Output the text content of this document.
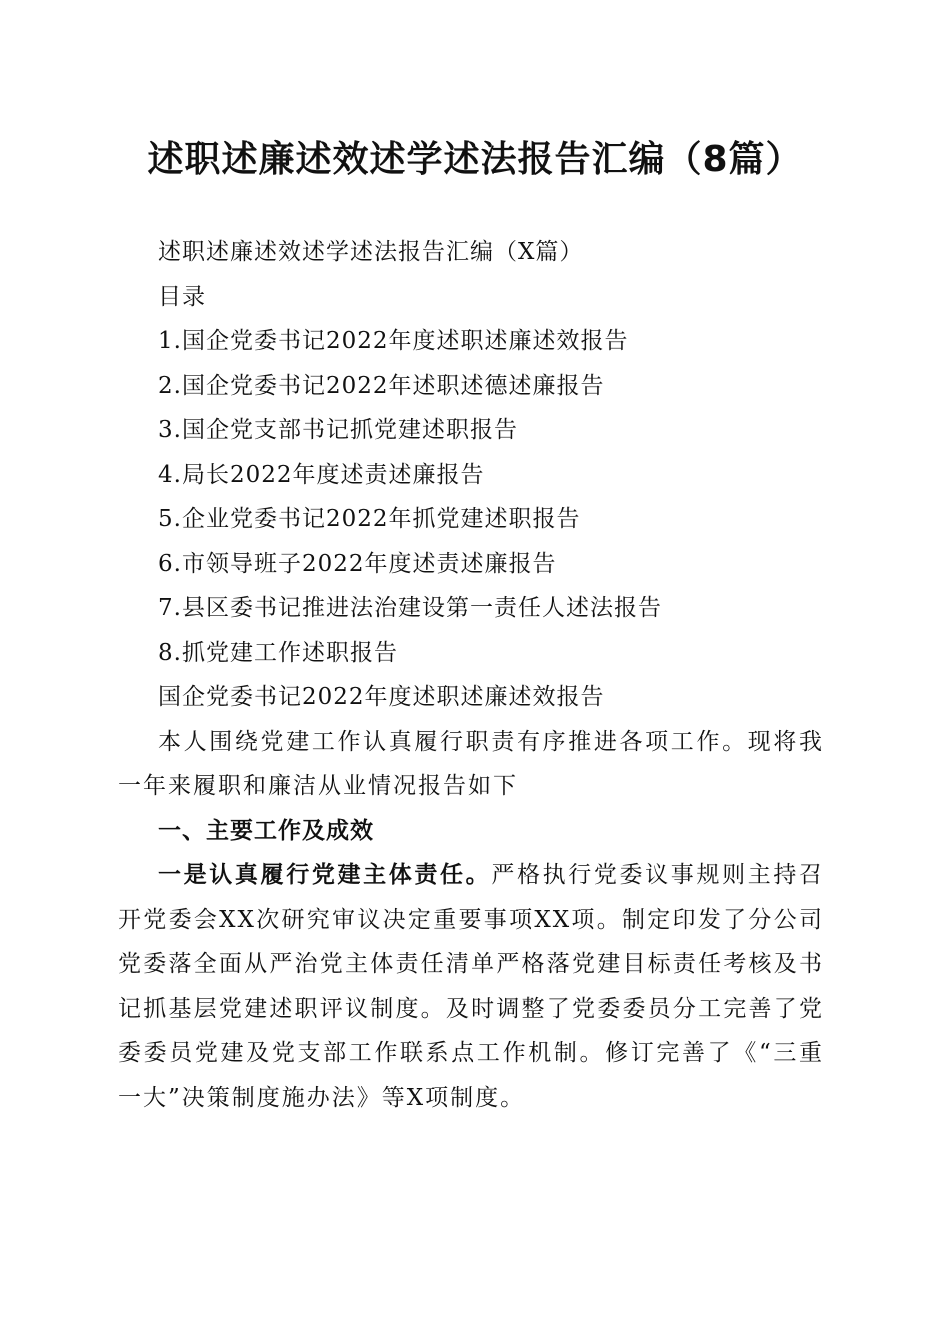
述职述廉述效述学述法报告汇编（8篇）

述职述廉述效述学述法报告汇编（X篇）

目录

1.国企党委书记2022年度述职述廉述效报告

2.国企党委书记2022年述职述德述廉报告

3.国企党支部书记抓党建述职报告

4.局长2022年度述责述廉报告

5.企业党委书记2022年抓党建述职报告

6.市领导班子2022年度述责述廉报告

7.县区委书记推进法治建设第一责任人述法报告

8.抓党建工作述职报告

国企党委书记2022年度述职述廉述效报告

本人围绕党建工作认真履行职责有序推进各项工作。现将我一年来履职和廉洁从业情况报告如下

一、主要工作及成效

一是认真履行党建主体责任。严格执行党委议事规则主持召开党委会XX次研究审议决定重要事项XX项。制定印发了分公司党委落全面从严治党主体责任清单严格落党建目标责任考核及书记抓基层党建述职评议制度。及时调整了党委委员分工完善了党委委员党建及党支部工作联系点工作机制。修订完善了《“三重一大”决策制度施办法》等X项制度。
